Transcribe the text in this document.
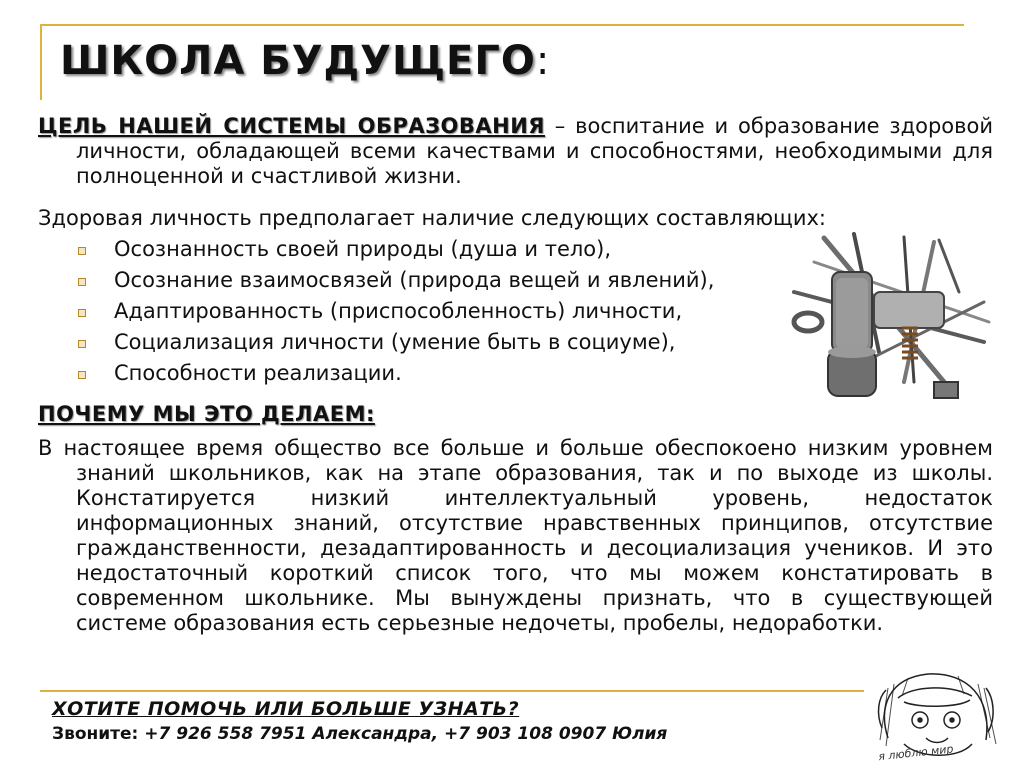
ШКОЛА БУДУЩЕГО:
ЦЕЛЬ НАШЕЙ СИСТЕМЫ ОБРАЗОВАНИЯ – воспитание и образование здоровой личности, обладающей всеми качествами и способностями, необходимыми для полноценной и счастливой жизни.
Здоровая личность предполагает наличие следующих составляющих:
Осознанность своей природы (душа и тело),
Осознание взаимосвязей (природа вещей и явлений),
Адаптированность (приспособленность) личности,
Социализация личности (умение быть в социуме),
Способности реализации.
ПОЧЕМУ МЫ ЭТО ДЕЛАЕМ:
В настоящее время общество все больше и больше обеспокоено низким уровнем знаний школьников, как на этапе образования, так и по выходе из школы. Констатируется низкий интеллектуальный уровень, недостаток информационных знаний, отсутствие нравственных принципов, отсутствие гражданственности, дезадаптированность и десоциализация учеников. И это недостаточный короткий список того, что мы можем констатировать в современном школьнике. Мы вынуждены признать, что в существующей системе образования есть серьезные недочеты, пробелы, недоработки.
ХОТИТЕ ПОМОЧЬ ИЛИ БОЛЬШЕ УЗНАТЬ?
Звоните: +7 926 558 7951 Александра, +7 903 108 0907 Юлия
я люблю мир
